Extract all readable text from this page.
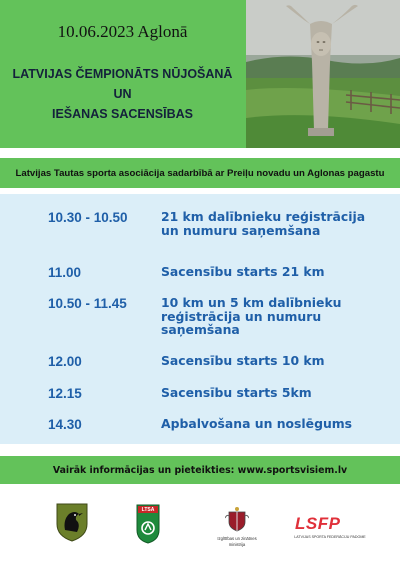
10.06.2023 Aglonā
LATVIJAS ČEMPIONĀTS NŪJOŠANĀ
UN
IEŠANAS SACENSĪBAS
Latvijas Tautas sporta asociācija sadarbībā ar Preiļu novadu un Aglonas pagastu
10.30 - 10.50	21 km dalībnieku reģistrācija un numuru saņemšana
11.00	Sacensību starts 21 km
10.50 - 11.45	10 km un 5 km dalībnieku reģistrācija un numuru saņemšana
12.00	Sacensību starts 10 km
12.15	Sacensību starts 5km
14.30	Apbalvošana un noslēgums
Vairāk informācijas un pieteikties: www.sportsvisiem.lv
LTSA
Izglītības un zinātnes
ministrija
LSFP
LATVIJAS SPORTA FEDERĀCIJU PADOME
